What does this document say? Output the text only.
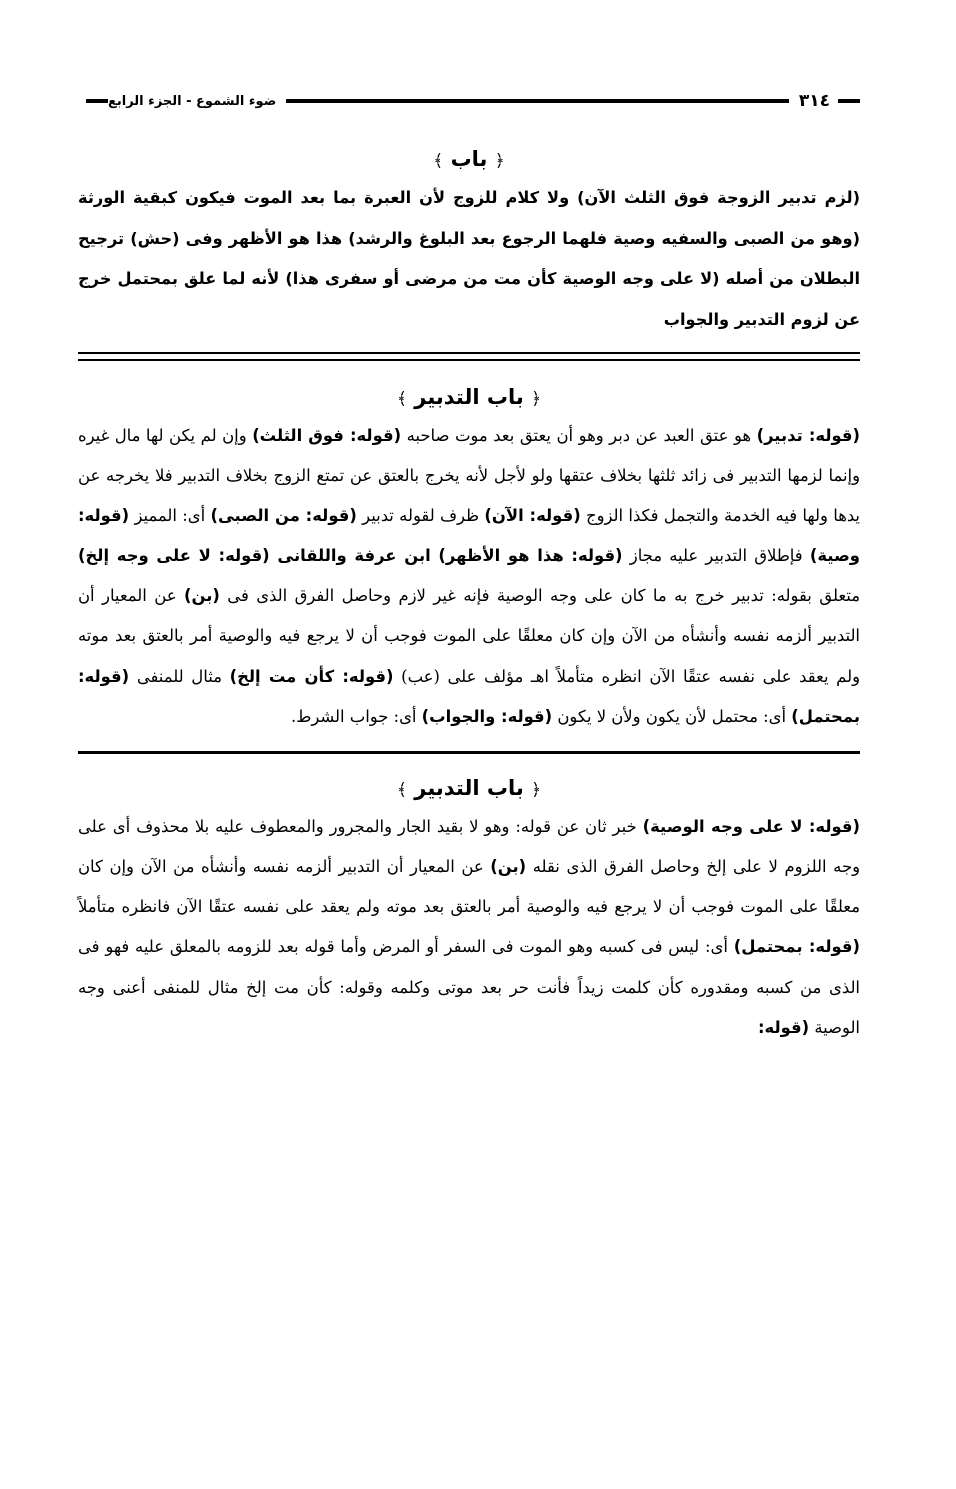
٣١٤
ضوء الشموع - الجزء الرابع
﴿ باب ﴾

(لزم تدبير الزوجة فوق الثلث الآن) ولا كلام للزوج لأن العبرة بما بعد الموت فيكون كبقية الورثة (وهو من الصبى والسفيه وصية فلهما الرجوع بعد البلوغ والرشد) هذا هو الأظهر وفى (حش) ترجيح البطلان من أصله (لا على وجه الوصية كأن مت من مرضى أو سفرى هذا) لأنه لما علق بمحتمل خرج عن لزوم التدبير والجواب

﴿ باب التدبير ﴾

(قوله: تدبير) هو عتق العبد عن دبر وهو أن يعتق بعد موت صاحبه (قوله: فوق الثلث) وإن لم يكن لها مال غيره وإنما لزمها التدبير فى زائد ثلثها بخلاف عتقها ولو لأجل لأنه يخرج بالعتق عن تمتع الزوج بخلاف التدبير فلا يخرجه عن يدها ولها فيه الخدمة والتجمل فكذا الزوج (قوله: الآن) ظرف لقوله تدبير (قوله: من الصبى) أى: المميز (قوله: وصية) فإطلاق التدبير عليه مجاز (قوله: هذا هو الأظهر) ابن عرفة واللقانى (قوله: لا على وجه إلخ) متعلق بقوله: تدبير خرج به ما كان على وجه الوصية فإنه غير لازم وحاصل الفرق الذى فى (بن) عن المعيار أن التدبير ألزمه نفسه وأنشأه من الآن وإن كان معلقًا على الموت فوجب أن لا يرجع فيه والوصية أمر بالعتق بعد موته ولم يعقد على نفسه عتقًا الآن انظره متأملاً اهـ مؤلف على (عب) (قوله: كأن مت إلخ) مثال للمنفى (قوله: بمحتمل) أى: محتمل لأن يكون ولأن لا يكون (قوله: والجواب) أى: جواب الشرط.

﴿ باب التدبير ﴾

(قوله: لا على وجه الوصية) خبر ثان عن قوله: وهو لا بقيد الجار والمجرور والمعطوف عليه بلا محذوف أى على وجه اللزوم لا على إلخ وحاصل الفرق الذى نقله (بن) عن المعيار أن التدبير ألزمه نفسه وأنشأه من الآن وإن كان معلقًا على الموت فوجب أن لا يرجع فيه والوصية أمر بالعتق بعد موته ولم يعقد على نفسه عتقًا الآن فانظره متأملاً (قوله: بمحتمل) أى: ليس فى كسبه وهو الموت فى السفر أو المرض وأما قوله بعد للزومه بالمعلق عليه فهو فى الذى من كسبه ومقدوره كأن كلمت زيداً فأنت حر بعد موتى وكلمه وقوله: كأن مت إلخ مثال للمنفى أعنى وجه الوصية (قوله:
